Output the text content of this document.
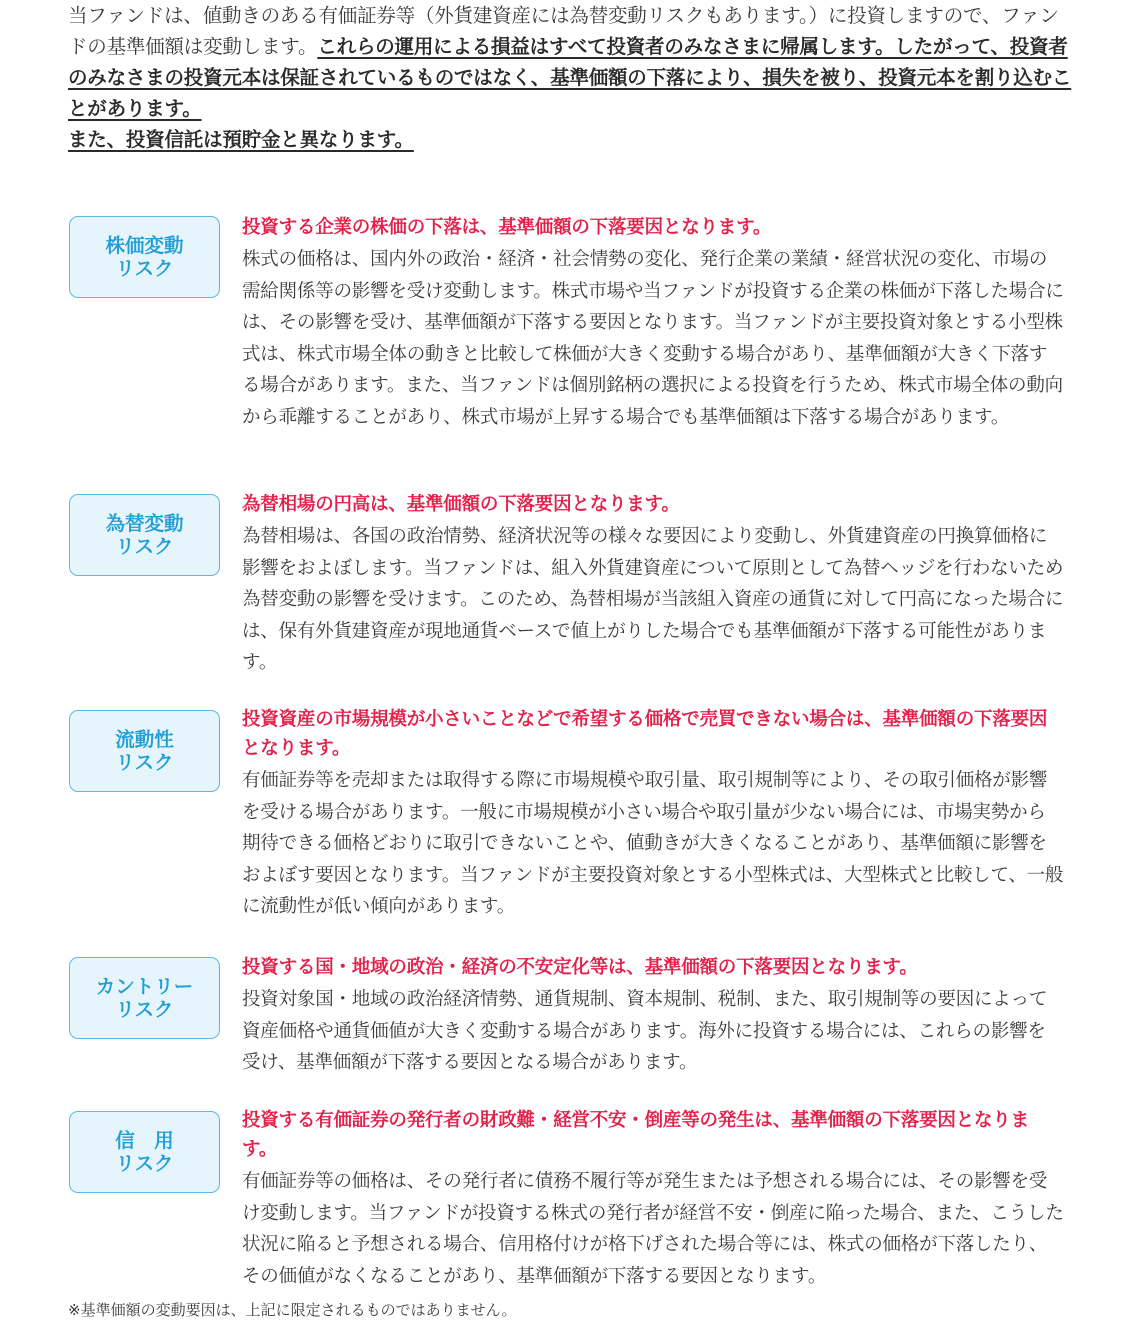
当ファンドは、値動きのある有価証券等（外貨建資産には為替変動リスクもあります。）に投資しますので、ファンドの基準価額は変動します。これらの運用による損益はすべて投資者のみなさまに帰属します。したがって、投資者のみなさまの投資元本は保証されているものではなく、基準価額の下落により、損失を被り、投資元本を割り込むことがあります。
また、投資信託は預貯金と異なります。
株価変動
リスク
投資する企業の株価の下落は、基準価額の下落要因となります。
株式の価格は、国内外の政治・経済・社会情勢の変化、発行企業の業績・経営状況の変化、市場の需給関係等の影響を受け変動します。株式市場や当ファンドが投資する企業の株価が下落した場合には、その影響を受け、基準価額が下落する要因となります。当ファンドが主要投資対象とする小型株式は、株式市場全体の動きと比較して株価が大きく変動する場合があり、基準価額が大きく下落する場合があります。また、当ファンドは個別銘柄の選択による投資を行うため、株式市場全体の動向から乖離することがあり、株式市場が上昇する場合でも基準価額は下落する場合があります。
為替変動
リスク
為替相場の円高は、基準価額の下落要因となります。
為替相場は、各国の政治情勢、経済状況等の様々な要因により変動し、外貨建資産の円換算価格に影響をおよぼします。当ファンドは、組入外貨建資産について原則として為替ヘッジを行わないため為替変動の影響を受けます。このため、為替相場が当該組入資産の通貨に対して円高になった場合には、保有外貨建資産が現地通貨ベースで値上がりした場合でも基準価額が下落する可能性があります。
流動性
リスク
投資資産の市場規模が小さいことなどで希望する価格で売買できない場合は、基準価額の下落要因となります。
有価証券等を売却または取得する際に市場規模や取引量、取引規制等により、その取引価格が影響を受ける場合があります。一般に市場規模が小さい場合や取引量が少ない場合には、市場実勢から期待できる価格どおりに取引できないことや、値動きが大きくなることがあり、基準価額に影響をおよぼす要因となります。当ファンドが主要投資対象とする小型株式は、大型株式と比較して、一般に流動性が低い傾向があります。
カントリー
リスク
投資する国・地域の政治・経済の不安定化等は、基準価額の下落要因となります。
投資対象国・地域の政治経済情勢、通貨規制、資本規制、税制、また、取引規制等の要因によって資産価格や通貨価値が大きく変動する場合があります。海外に投資する場合には、これらの影響を受け、基準価額が下落する要因となる場合があります。
信　用
リスク
投資する有価証券の発行者の財政難・経営不安・倒産等の発生は、基準価額の下落要因となります。
有価証券等の価格は、その発行者に債務不履行等が発生または予想される場合には、その影響を受け変動します。当ファンドが投資する株式の発行者が経営不安・倒産に陥った場合、また、こうした状況に陥ると予想される場合、信用格付けが格下げされた場合等には、株式の価格が下落したり、その価値がなくなることがあり、基準価額が下落する要因となります。
※基準価額の変動要因は、上記に限定されるものではありません。
